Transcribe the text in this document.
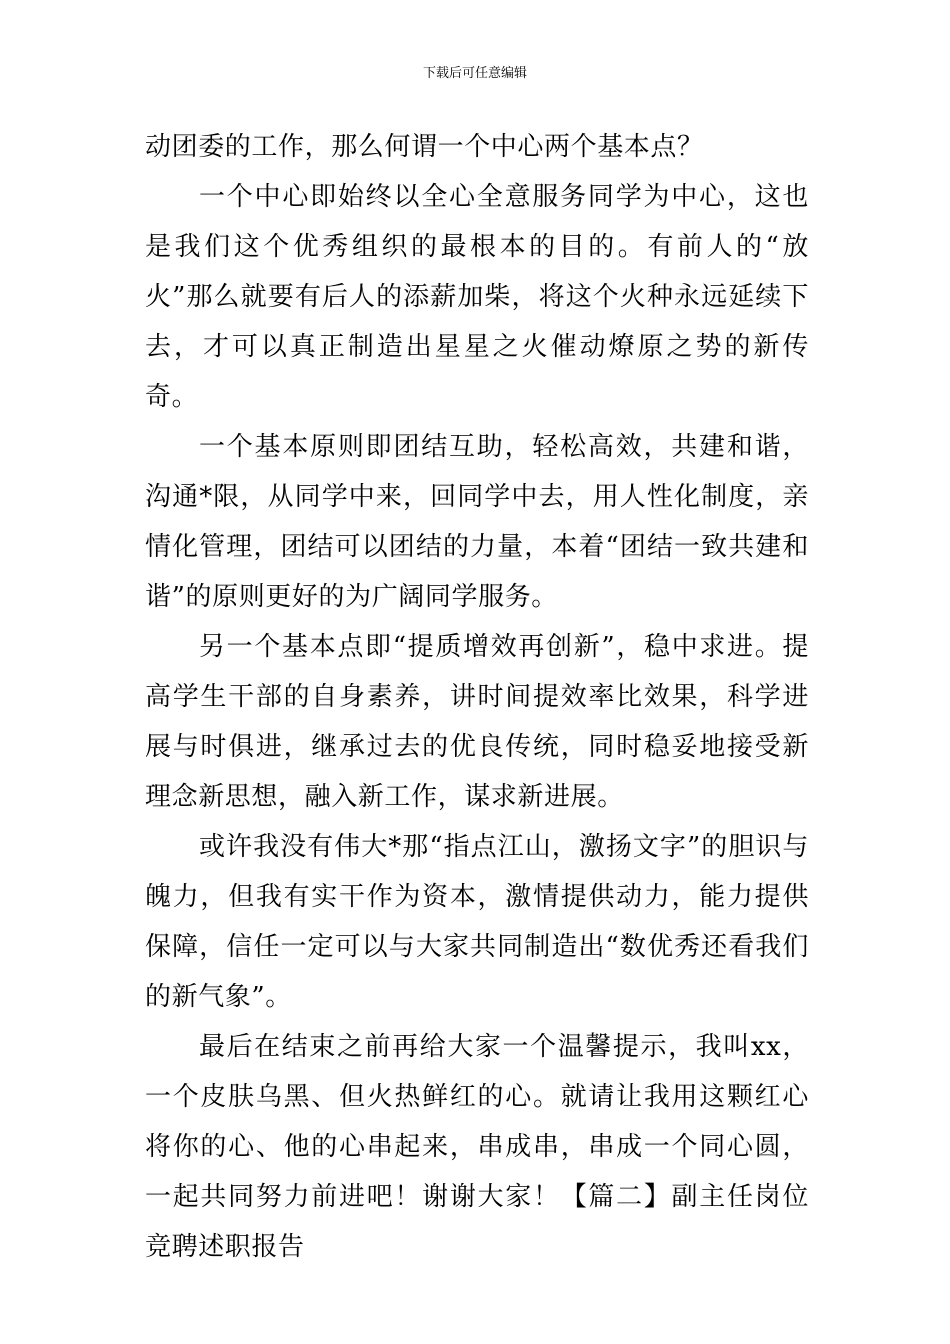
下载后可任意编辑

动团委的工作，那么何谓一个中心两个基本点？

一个中心即始终以全心全意服务同学为中心，这也是我们这个优秀组织的最根本的目的。有前人的“放火”那么就要有后人的添薪加柴，将这个火种永远延续下去，才可以真正制造出星星之火催动燎原之势的新传奇。

一个基本原则即团结互助，轻松高效，共建和谐，沟通*限，从同学中来，回同学中去，用人性化制度，亲情化管理，团结可以团结的力量，本着“团结一致共建和谐”的原则更好的为广阔同学服务。

另一个基本点即“提质增效再创新”，稳中求进。提高学生干部的自身素养，讲时间提效率比效果，科学进展与时俱进，继承过去的优良传统，同时稳妥地接受新理念新思想，融入新工作，谋求新进展。

或许我没有伟大*那“指点江山，激扬文字”的胆识与魄力，但我有实干作为资本，激情提供动力，能力提供保障，信任一定可以与大家共同制造出“数优秀还看我们的新气象”。

最后在结束之前再给大家一个温馨提示，我叫xx，一个皮肤乌黑、但火热鲜红的心。就请让我用这颗红心将你的心、他的心串起来，串成串，串成一个同心圆，一起共同努力前进吧！谢谢大家！【篇二】副主任岗位竞聘述职报告
